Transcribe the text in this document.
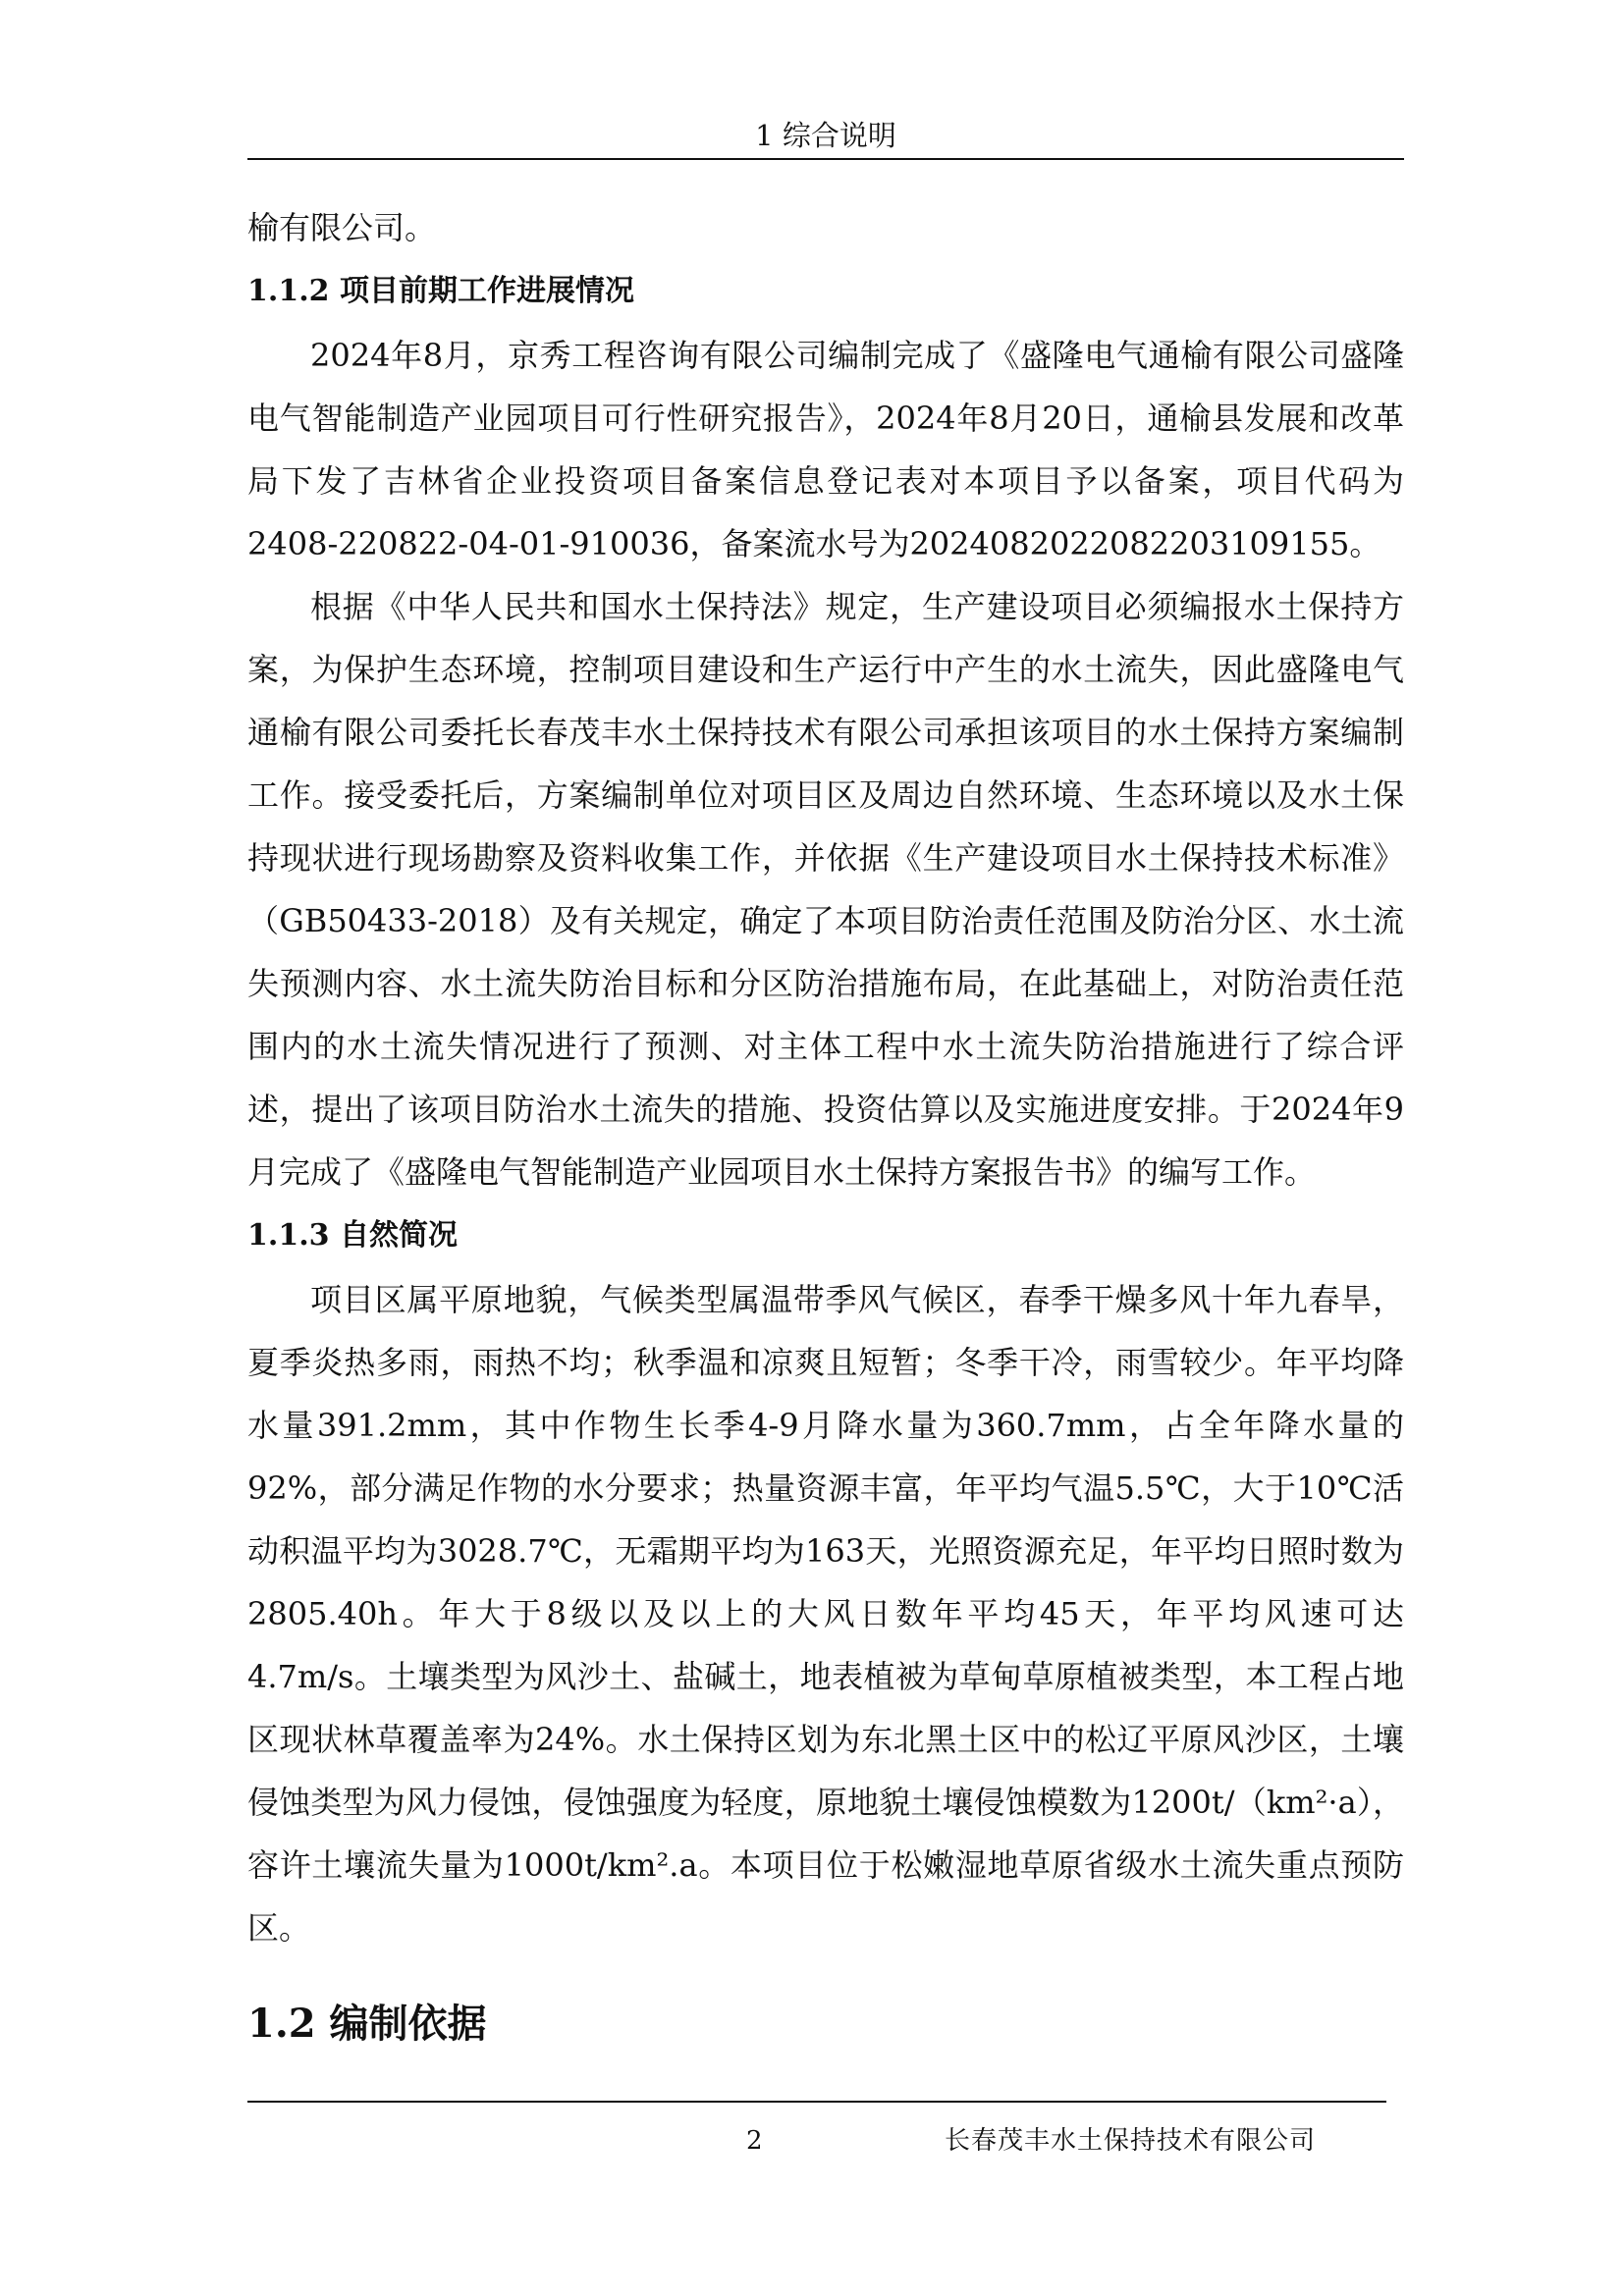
1 综合说明

榆有限公司。

1.1.2 项目前期工作进展情况

2024年8月，京秀工程咨询有限公司编制完成了《盛隆电气通榆有限公司盛隆电气智能制造产业园项目可行性研究报告》，2024年8月20日，通榆县发展和改革局下发了吉林省企业投资项目备案信息登记表对本项目予以备案，项目代码为2408-220822-04-01-910036，备案流水号为20240820220822031091​55。

根据《中华人民共和国水土保持法》规定，生产建设项目必须编报水土保持方案，为保护生态环境，控制项目建设和生产运行中产生的水土流失，因此盛隆电气通榆有限公司委托长春茂丰水土保持技术有限公司承担该项目的水土保持方案编制工作。接受委托后，方案编制单位对项目区及周边自然环境、生态环境以及水土保持现状进行现场勘察及资料收集工作，并依据《生产建设项目水土保持技术标准》（GB50433-2018）及有关规定，确定了本项目防治责任范围及防治分区、水土流失预测内容、水土流失防治目标和分区防治措施布局，在此基础上，对防治责任范围内的水土流失情况进行了预测、对主体工程中水土流失防治措施进行了综合评述，提出了该项目防治水土流失的措施、投资估算以及实施进度安排。于2024年9月完成了《盛隆电气智能制造产业园项目水土保持方案报告书》的编写工作。

1.1.3 自然简况

项目区属平原地貌，气候类型属温带季风气候区，春季干燥多风十年九春旱，夏季炎热多雨，雨热不均；秋季温和凉爽且短暂；冬季干冷，雨雪较少。年平均降水量391.2mm，其中作物生长季4-9月降水量为360.7mm，占全年降水量的92%，部分满足作物的水分要求；热量资源丰富，年平均气温5.5℃，大于10℃活动积温平均为3028.7℃，无霜期平均为163天，光照资源充足，年平均日照时数为2805.40h。年大于8级以及以上的大风日数年平均45天，年平均风速可达4.7m/s。土壤类型为风沙土、盐碱土，地表植被为草甸草原植被类型，本工程占地区现状林草覆盖率为24%。水土保持区划为东北黑土区中的松辽平原风沙区，土壤侵蚀类型为风力侵蚀，侵蚀强度为轻度，原地貌土壤侵蚀模数为1200t/（km²·a），容许土壤流失量为1000t/km².a。本项目位于松嫩湿地草原省级水土流失重点预防区。

1.2 编制依据
2	长春茂丰水土保持技术有限公司
